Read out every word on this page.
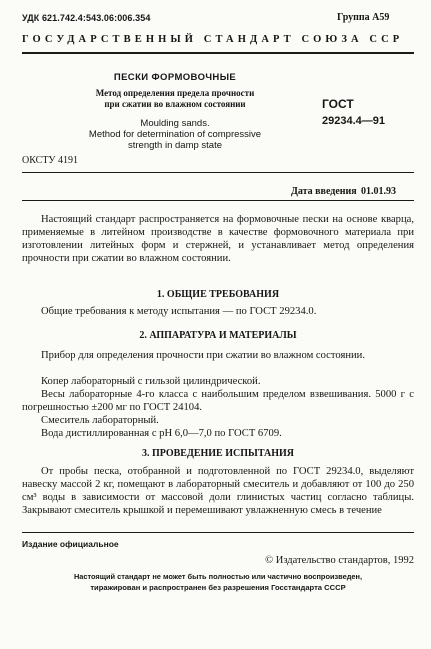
УДК 621.742.4:543.06:006.354	Группа А59
ГОСУДАРСТВЕННЫЙ СТАНДАРТ СОЮЗА ССР
ПЕСКИ ФОРМОВОЧНЫЕ
Метод определения предела прочности
при сжатии во влажном состоянии
Moulding sands.
Method for determination of compressive
strength in damp state
ГОСТ
29234.4—91
ОКСТУ 4191
Дата введения 01.01.93
Настоящий стандарт распространяется на формовочные пески на основе кварца, применяемые в литейном производстве в качестве формовочного материала при изготовлении литейных форм и стержней, и устанавливает метод определения прочности при сжатии во влажном состоянии.
1. ОБЩИЕ ТРЕБОВАНИЯ
Общие требования к методу испытания — по ГОСТ 29234.0.
2. АППАРАТУРА И МАТЕРИАЛЫ
Прибор для определения прочности при сжатии во влажном состоянии.
Копер лабораторный с гильзой цилиндрической.
Весы лабораторные 4-го класса с наибольшим пределом взвешивания. 5000 г с погрешностью ±200 мг по ГОСТ 24104.
Смеситель лабораторный.
Вода дистиллированная с рН 6,0—7,0 по ГОСТ 6709.
3. ПРОВЕДЕНИЕ ИСПЫТАНИЯ
От пробы песка, отобранной и подготовленной по ГОСТ 29234.0, выделяют навеску массой 2 кг, помещают в лабораторный смеситель и добавляют от 100 до 250 см³ воды в зависимости от массовой доли глинистых частиц согласно таблицы. Закрывают смеситель крышкой и перемешивают увлажненную смесь в течение
Издание официальное
© Издательство стандартов, 1992
Настоящий стандарт не может быть полностью или частично воспроизведен,
тиражирован и распространен без разрешения Госстандарта СССР
